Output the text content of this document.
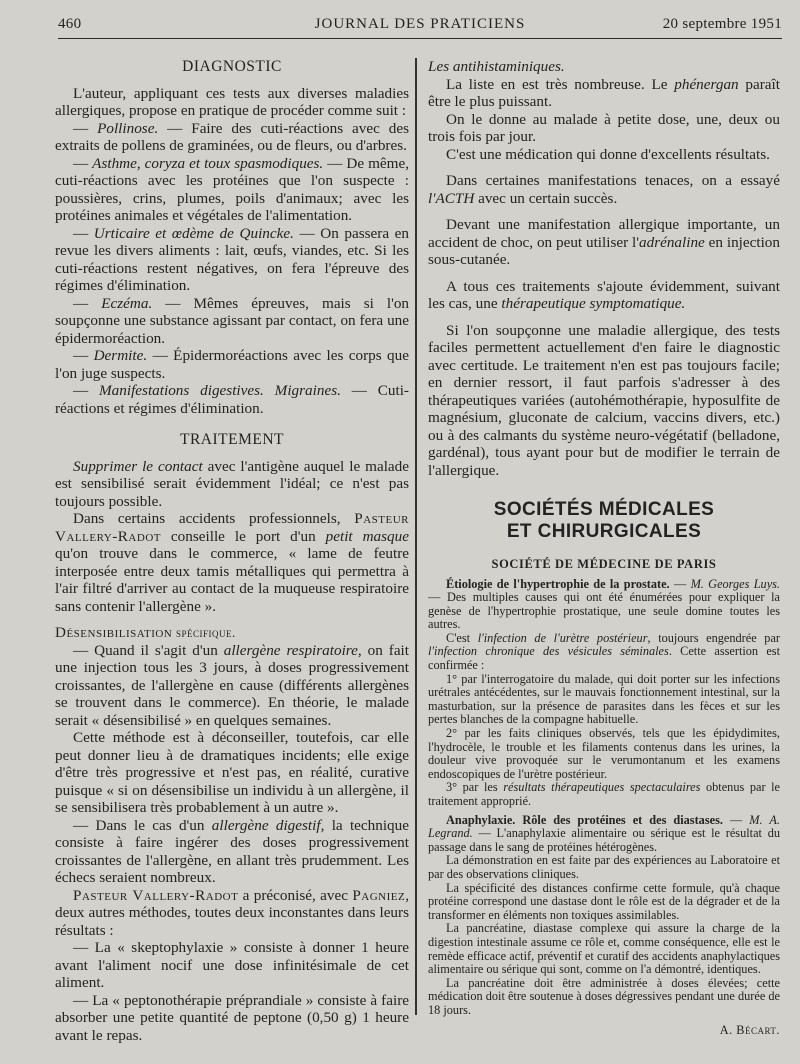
460	JOURNAL DES PRATICIENS	20 septembre 1951

DIAGNOSTIC

L'auteur, appliquant ces tests aux diverses maladies allergiques, propose en pratique de procéder comme suit :

— Pollinose. — Faire des cuti-réactions avec des extraits de pollens de graminées, ou de fleurs, ou d'arbres.

— Asthme, coryza et toux spasmodiques. — De même, cuti-réactions avec les protéines que l'on suspecte : poussières, crins, plumes, poils d'animaux; avec les protéines animales et végétales de l'alimentation.

— Urticaire et œdème de Quincke. — On passera en revue les divers aliments : lait, œufs, viandes, etc. Si les cuti-réactions restent négatives, on fera l'épreuve des régimes d'élimination.

— Eczéma. — Mêmes épreuves, mais si l'on soupçonne une substance agissant par contact, on fera une épidermoréaction.

— Dermite. — Épidermoréactions avec les corps que l'on juge suspects.

— Manifestations digestives. Migraines. — Cuti-réactions et régimes d'élimination.

TRAITEMENT

Supprimer le contact avec l'antigène auquel le malade est sensibilisé serait évidemment l'idéal; ce n'est pas toujours possible.

Dans certains accidents professionnels, Pasteur Vallery-Radot conseille le port d'un petit masque qu'on trouve dans le commerce, « lame de feutre interposée entre deux tamis métalliques qui permettra à l'air filtré d'arriver au contact de la muqueuse respiratoire sans contenir l'allergène ».

Désensibilisation spécifique.

— Quand il s'agit d'un allergène respiratoire, on fait une injection tous les 3 jours, à doses progressivement croissantes, de l'allergène en cause (différents allergènes se trouvent dans le commerce). En théorie, le malade serait « désensibilisé » en quelques semaines.

Cette méthode est à déconseiller, toutefois, car elle peut donner lieu à de dramatiques incidents; elle exige d'être très progressive et n'est pas, en réalité, curative puisque « si on désensibilise un individu à un allergène, il se sensibilisera très probablement à un autre ».

— Dans le cas d'un allergène digestif, la technique consiste à faire ingérer des doses progressivement croissantes de l'allergène, en allant très prudemment. Les échecs seraient nombreux.

Pasteur Vallery-Radot a préconisé, avec Pagniez, deux autres méthodes, toutes deux inconstantes dans leurs résultats :

— La « skeptophylaxie » consiste à donner 1 heure avant l'aliment nocif une dose infinitésimale de cet aliment.

— La « peptonothérapie préprandiale » consiste à faire absorber une petite quantité de peptone (0,50 g) 1 heure avant le repas.

Les antihistaminiques.

La liste en est très nombreuse. Le phénergan paraît être le plus puissant.

On le donne au malade à petite dose, une, deux ou trois fois par jour.

C'est une médication qui donne d'excellents résultats.

Dans certaines manifestations tenaces, on a essayé l'ACTH avec un certain succès.

Devant une manifestation allergique importante, un accident de choc, on peut utiliser l'adrénaline en injection sous-cutanée.

A tous ces traitements s'ajoute évidemment, suivant les cas, une thérapeutique symptomatique.

Si l'on soupçonne une maladie allergique, des tests faciles permettent actuellement d'en faire le diagnostic avec certitude. Le traitement n'en est pas toujours facile; en dernier ressort, il faut parfois s'adresser à des thérapeutiques variées (autohémothérapie, hyposulfite de magnésium, gluconate de calcium, vaccins divers, etc.) ou à des calmants du système neuro-végétatif (belladone, gardénal), tous ayant pour but de modifier le terrain de l'allergique.

SOCIÉTÉS MÉDICALES

ET CHIRURGICALES

SOCIÉTÉ DE MÉDECINE DE PARIS

Étiologie de l'hypertrophie de la prostate. — M. Georges Luys. — Des multiples causes qui ont été énumérées pour expliquer la genèse de l'hypertrophie prostatique, une seule domine toutes les autres.

C'est l'infection de l'urètre postérieur, toujours engendrée par l'infection chronique des vésicules séminales. Cette assertion est confirmée :

1° par l'interrogatoire du malade, qui doit porter sur les infections urétrales antécédentes, sur le mauvais fonctionnement intestinal, sur la masturbation, sur la présence de parasites dans les fèces et sur les pertes blanches de la compagne habituelle.

2° par les faits cliniques observés, tels que les épidydimites, l'hydrocèle, le trouble et les filaments contenus dans les urines, la douleur vive provoquée sur le verumontanum et les examens endoscopiques de l'urètre postérieur.

3° par les résultats thérapeutiques spectaculaires obtenus par le traitement approprié.

Anaphylaxie. Rôle des protéines et des diastases. — M. A. Legrand. — L'anaphylaxie alimentaire ou sérique est le résultat du passage dans le sang de protéines hétérogènes.

La démonstration en est faite par des expériences au Laboratoire et par des observations cliniques.

La spécificité des distances confirme cette formule, qu'à chaque protéine correspond une dastase dont le rôle est de la dégrader et de la transformer en éléments non toxiques assimilables.

La pancréatine, diastase complexe qui assure la charge de la digestion intestinale assume ce rôle et, comme conséquence, elle est le remède efficace actif, préventif et curatif des accidents anaphylactiques alimentaire ou sérique qui sont, comme on l'a démontré, identiques.

La pancréatine doit être administrée à doses élevées; cette médication doit être soutenue à doses dégressives pendant une durée de 18 jours.

A. Bécart.
